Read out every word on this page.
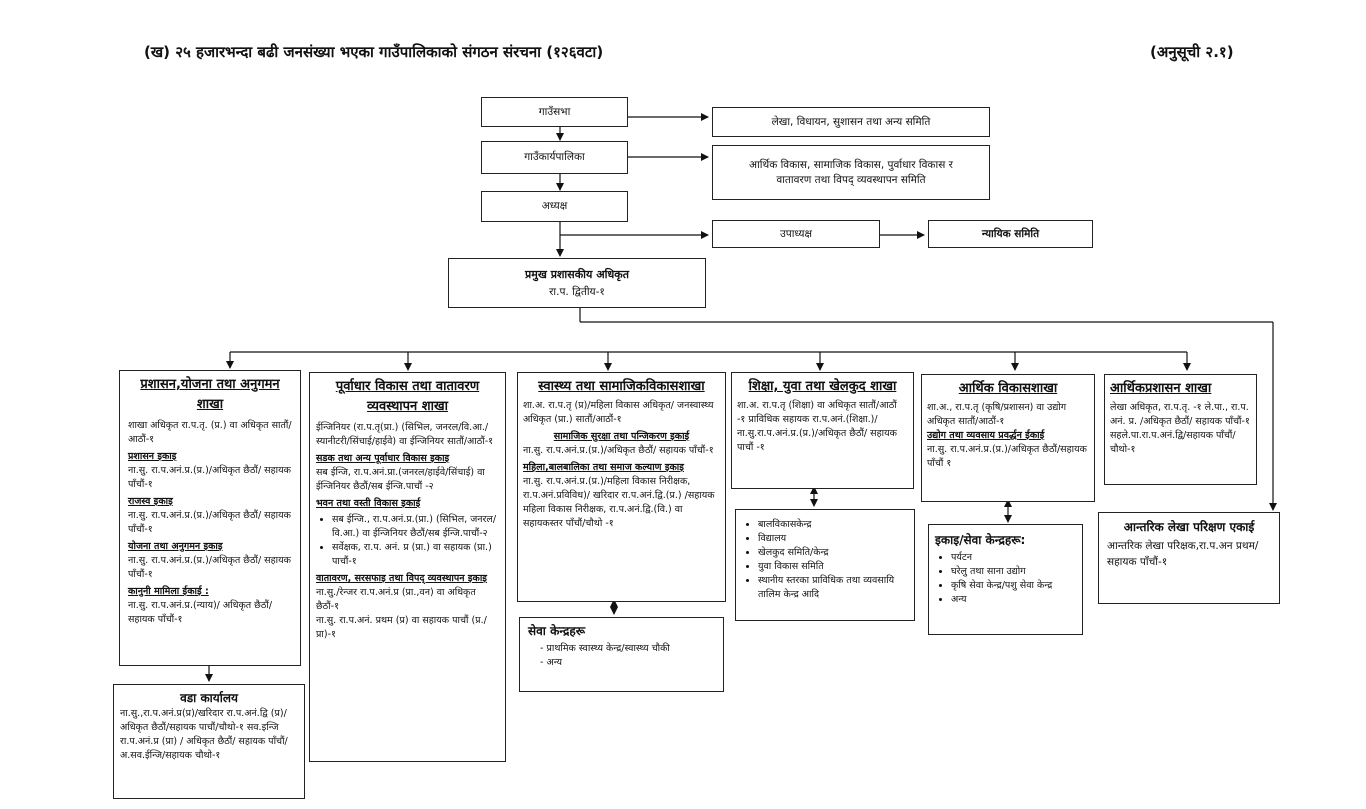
(ख) २५ हजारभन्दा बढी जनसंख्या भएका गाउँपालिकाको संगठन संरचना (१२६वटा)	(अनुसूची २.१)
गाउँसभा
गाउँकार्यपालिका
अध्यक्ष
लेखा, विधायन, सुशासन तथा अन्य समिति
आर्थिक विकास, सामाजिक विकास, पुर्वाधार विकास र वातावरण तथा विपद् व्यवस्थापन समिति
उपाध्यक्ष	न्यायिक समिति
प्रमुख प्रशासकीय अधिकृत
रा.प. द्वितीय-१
प्रशासन,योजना तथा अनुगमन शाखा
शाखा अधिकृत रा.प.तृ. (प्र.) वा अधिकृत सातौं/आठौं-१
प्रशासन इकाइ
ना.सु. रा.प.अनं.प्र.(प्र.)/अधिकृत छैठौं/ सहायक पाँचौं-१
राजस्व इकाइ
ना.सु. रा.प.अनं.प्र.(प्र.)/अधिकृत छैठौं/ सहायक पाँचौं-१
योजना तथा अनुगमन इकाइ
ना.सु. रा.प.अनं.प्र.(प्र.)/अधिकृत छैठौं/ सहायक पाँचौं-१
कानुनी मामिला ईकाई :
ना.सु. रा.प.अनं.प्र.(न्याय)/ अधिकृत छैठौं/ सहायक पाँचौं-१
वडा कार्यालय
ना.सु.,रा.प.अनं.प्र(प्र)/खरिदार रा.प.अनं.द्वि (प्र)/अधिकृत छैठौं/सहायक पाचौं/चौथो-१ सव.इन्जि रा.प.अनं.प्र (प्रा) / अधिकृत छैठौं/ सहायक पाँचौं/अ.सव.ईन्जि/सहायक चौथो-१
पूर्वाधार विकास तथा वातावरण व्यवस्थापन शाखा
ईन्जिनियर (रा.प.तृ(प्रा.) (सिभिल, जनरल/वि.आ./स्यानीटरी/सिंचाई/हाईवे) वा ईन्जिनियर सातौं/आठौं-१
सडक तथा अन्य पूर्वाधार विकास इकाइ
सब ईन्जि, रा.प.अनं.प्रा.(जनरल/हाईवे/सिंचाई) वा ईन्जिनियर छैठौं/सब ईन्जि.पाचौं -२
भवन तथा वस्ती विकास इकाई
• सब ईन्जि., रा.प.अनं.प्र.(प्रा.) (सिभिल, जनरल/वि.आ.) वा ईन्जिनियर छैठौं/सब ईन्जि.पाचौं-२
• सर्वेक्षक, रा.प. अनं. प्र (प्रा.) वा सहायक (प्रा.) पाचौं-१
वातावरण, सरसफाइ तथा विपद् व्यवस्थापन इकाइ
ना.सु./रेन्जर रा.प.अनं.प्र (प्रा.,वन) वा अधिकृत छैठौं-१
ना.सु. रा.प.अनं. प्रथम (प्र) वा सहायक पाचौं (प्र./प्रा)-१
स्वास्थ्य तथा सामाजिकविकासशाखा
शा.अ. रा.प.तृ (प्र)/महिला विकास अधिकृत/ जनस्वास्थ्य अधिकृत (प्रा.) सातौं/आठौं-१
सामाजिक सुरक्षा तथा पन्जिकरण इकाई
ना.सु. रा.प.अनं.प्र.(प्र.)/अधिकृत छैठौं/ सहायक पाँचौं-१
महिला,बालबालिका तथा समाज कल्याण इकाइ
ना.सु. रा.प.अनं.प्र.(प्र.)/महिला विकास निरीक्षक, रा.प.अनं.प्रविविध)/ खरिदार रा.प.अनं.द्वि.(प्र.) /सहायक महिला विकास निरीक्षक, रा.प.अनं.द्वि.(वि.) वा सहायकस्तर पाँचौं/चौथो -१
सेवा केन्द्रहरू
- प्राथमिक स्वास्थ्य केन्द्र/स्वास्थ्य चौकी
- अन्य
शिक्षा, युवा तथा खेलकुद शाखा
शा.अ. रा.प.तृ (शिक्षा) वा अधिकृत सातौं/आठौं -१ प्राविधिक सहायक रा.प.अनं.(शिक्षा.)/ ना.सु.रा.प.अनं.प्र.(प्र.)/अधिकृत छैठौं/ सहायक पाचौं -१
• बालविकासकेन्द्र
• विद्यालय
• खेलकुद समिति/केन्द्र
• युवा विकास समिति
• स्थानीय स्तरका प्राविधिक तथा व्यवसायि तालिम केन्द्र आदि
आर्थिक विकासशाखा
शा.अ., रा.प.तृ (कृषि/प्रशासन) वा उद्योग अधिकृत सातौं/आठौं-१
उद्योग तथा व्यवसाय प्रवर्द्धन ईकाई
ना.सु. रा.प.अनं.प्र.(प्र.)/अधिकृत छैठौं/सहायक पाँचौं १
इकाइ/सेवा केन्द्रहरू:
• पर्यटन
• घरेलु तथा साना उद्योग
• कृषि सेवा केन्द्र/पशु सेवा केन्द्र
• अन्य
आर्थिकप्रशासन शाखा
लेखा अधिकृत, रा.प.तृ. -१ ले.पा., रा.प. अनं. प्र. /अधिकृत छैठौं/ सहायक पाँचौं-१ सहले.पा.रा.प.अनं.द्वि/सहायक पाँचौं/चौथो-१
आन्तरिक लेखा परिक्षण एकाई
आन्तरिक लेखा परिक्षक,रा.प.अन प्रथम/सहायक पाँचौं-१
